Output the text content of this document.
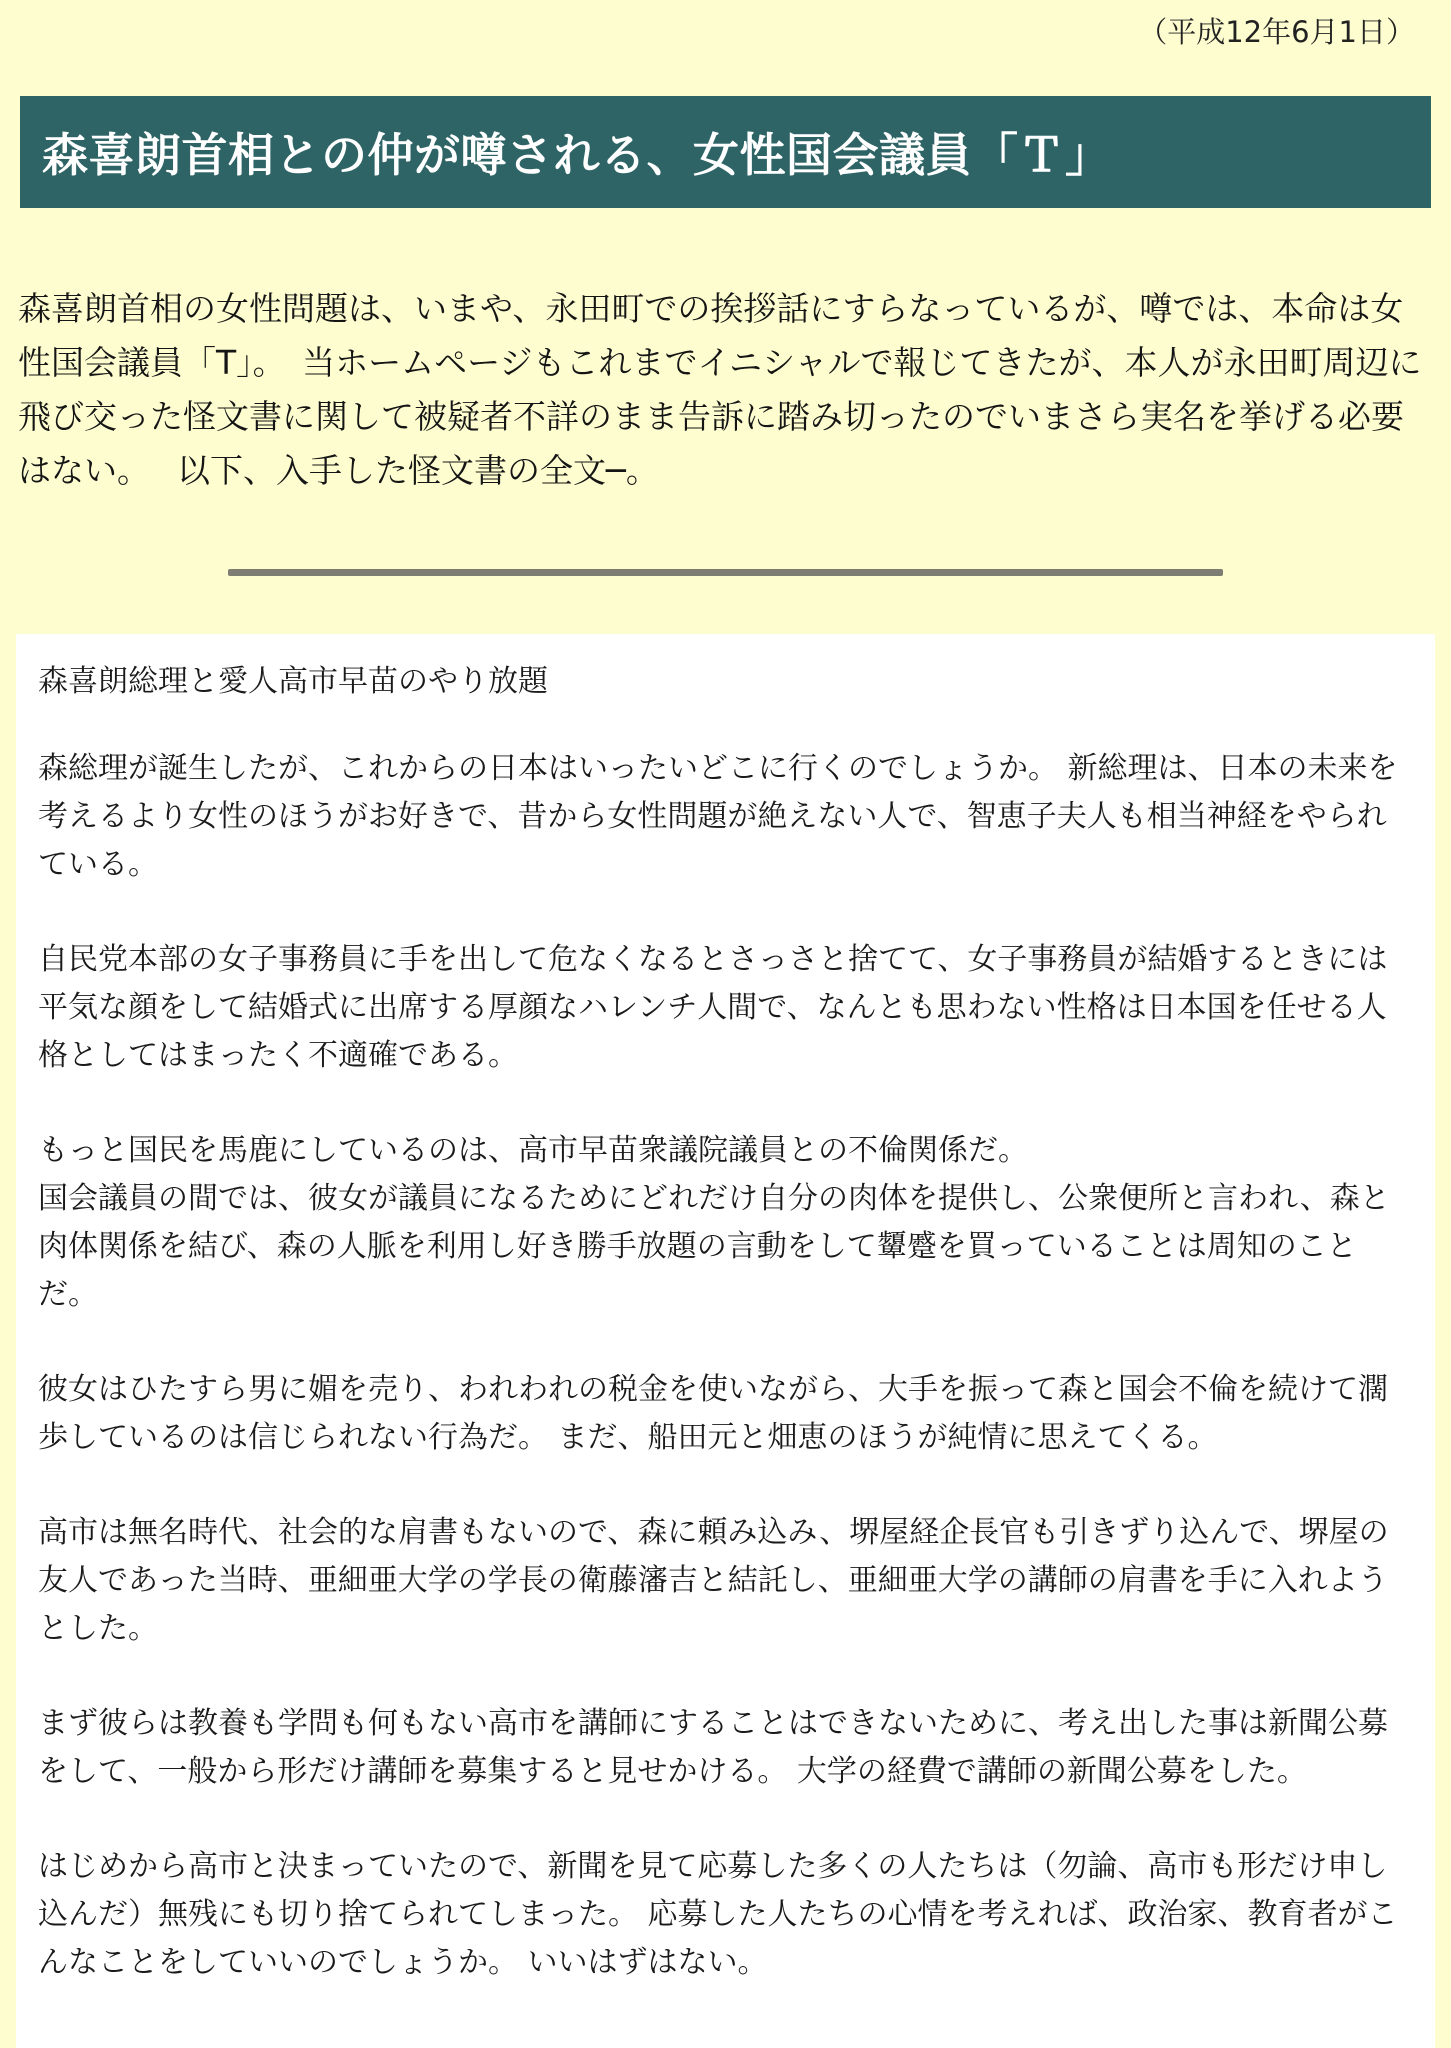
（平成12年6月1日）
森喜朗首相との仲が噂される、女性国会議員「Ｔ」

森喜朗首相の女性問題は、いまや、永田町での挨拶話にすらなっているが、噂では、本命は女性国会議員「T」。　当ホームページもこれまでイニシャルで報じてきたが、本人が永田町周辺に飛び交った怪文書に関して被疑者不詳のまま告訴に踏み切ったのでいまさら実名を挙げる必要はない。　 以下、入手した怪文書の全文─。

森喜朗総理と愛人高市早苗のやり放題

森総理が誕生したが、これからの日本はいったいどこに行くのでしょうか。 新総理は、日本の未来を考えるより女性のほうがお好きで、昔から女性問題が絶えない人で、智恵子夫人も相当神経をやられている。

自民党本部の女子事務員に手を出して危なくなるとさっさと捨てて、女子事務員が結婚するときには平気な顔をして結婚式に出席する厚顔なハレンチ人間で、なんとも思わない性格は日本国を任せる人格としてはまったく不適確である。

もっと国民を馬鹿にしているのは、高市早苗衆議院議員との不倫関係だ。
国会議員の間では、彼女が議員になるためにどれだけ自分の肉体を提供し、公衆便所と言われ、森と肉体関係を結び、森の人脈を利用し好き勝手放題の言動をして顰蹙を買っていることは周知のことだ。

彼女はひたすら男に媚を売り、われわれの税金を使いながら、大手を振って森と国会不倫を続けて濶歩しているのは信じられない行為だ。 まだ、船田元と畑恵のほうが純情に思えてくる。

高市は無名時代、社会的な肩書もないので、森に頼み込み、堺屋経企長官も引きずり込んで、堺屋の友人であった当時、亜細亜大学の学長の衛藤瀋吉と結託し、亜細亜大学の講師の肩書を手に入れようとした。

まず彼らは教養も学問も何もない高市を講師にすることはできないために、考え出した事は新聞公募をして、一般から形だけ講師を募集すると見せかける。 大学の経費で講師の新聞公募をした。

はじめから高市と決まっていたので、新聞を見て応募した多くの人たちは（勿論、高市も形だけ申し込んだ）無残にも切り捨てられてしまった。 応募した人たちの心情を考えれば、政治家、教育者がこんなことをしていいのでしょうか。 いいはずはない。
